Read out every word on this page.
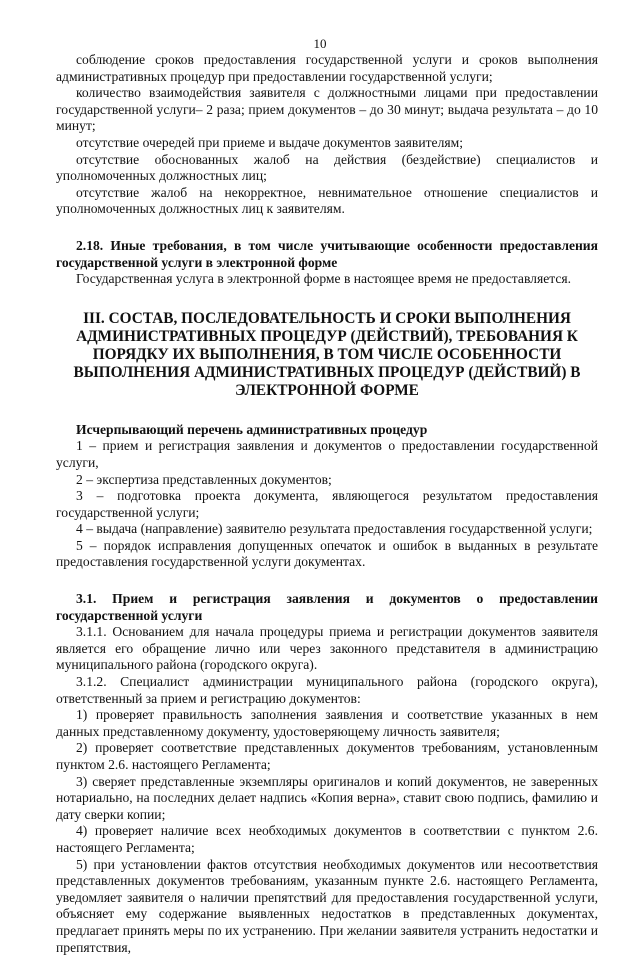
10

соблюдение сроков предоставления государственной услуги и сроков выполнения административных процедур при предоставлении государственной услуги;

количество взаимодействия заявителя с должностными лицами при предоставлении государственной услуги– 2 раза; прием документов – до 30 минут; выдача результата – до 10 минут;

отсутствие очередей при приеме и выдаче документов заявителям;

отсутствие обоснованных жалоб на действия (бездействие) специалистов и уполномоченных должностных лиц;

отсутствие жалоб на некорректное, невнимательное отношение специалистов и уполномоченных должностных лиц к заявителям.

2.18. Иные требования, в том числе учитывающие особенности предоставления государственной услуги в электронной форме

Государственная услуга в электронной форме в настоящее время не предоставляется.

III. СОСТАВ, ПОСЛЕДОВАТЕЛЬНОСТЬ И СРОКИ ВЫПОЛНЕНИЯ АДМИНИСТРАТИВНЫХ ПРОЦЕДУР (ДЕЙСТВИЙ), ТРЕБОВАНИЯ К ПОРЯДКУ ИХ ВЫПОЛНЕНИЯ, В ТОМ ЧИСЛЕ ОСОБЕННОСТИ ВЫПОЛНЕНИЯ АДМИНИСТРАТИВНЫХ ПРОЦЕДУР (ДЕЙСТВИЙ) В ЭЛЕКТРОННОЙ ФОРМЕ

Исчерпывающий перечень административных процедур

1 – прием и регистрация заявления и документов о предоставлении государственной услуги,

2 – экспертиза представленных документов;

3 – подготовка проекта документа, являющегося результатом предоставления государственной услуги;

4 – выдача (направление) заявителю результата предоставления государственной услуги;

5 – порядок исправления допущенных опечаток и ошибок в выданных в результате предоставления государственной услуги документах.

3.1. Прием и регистрация заявления и документов о предоставлении государственной услуги

3.1.1. Основанием для начала процедуры приема и регистрации документов заявителя является его обращение лично или через законного представителя в администрацию муниципального района (городского округа).

3.1.2. Специалист администрации муниципального района (городского округа), ответственный за прием и регистрацию документов:

1) проверяет правильность заполнения заявления и соответствие указанных в нем данных представленному документу, удостоверяющему личность заявителя;

2) проверяет соответствие представленных документов требованиям, установленным пунктом 2.6. настоящего Регламента;

3) сверяет представленные экземпляры оригиналов и копий документов, не заверенных нотариально, на последних делает надпись «Копия верна», ставит свою подпись, фамилию и дату сверки копии;

4) проверяет наличие всех необходимых документов в соответствии с пунктом 2.6. настоящего Регламента;

5) при установлении фактов отсутствия необходимых документов или несоответствия представленных документов требованиям, указанным пункте 2.6. настоящего Регламента, уведомляет заявителя о наличии препятствий для предоставления государственной услуги, объясняет ему содержание выявленных недостатков в представленных документах, предлагает принять меры по их устранению. При желании заявителя устранить недостатки и препятствия,
